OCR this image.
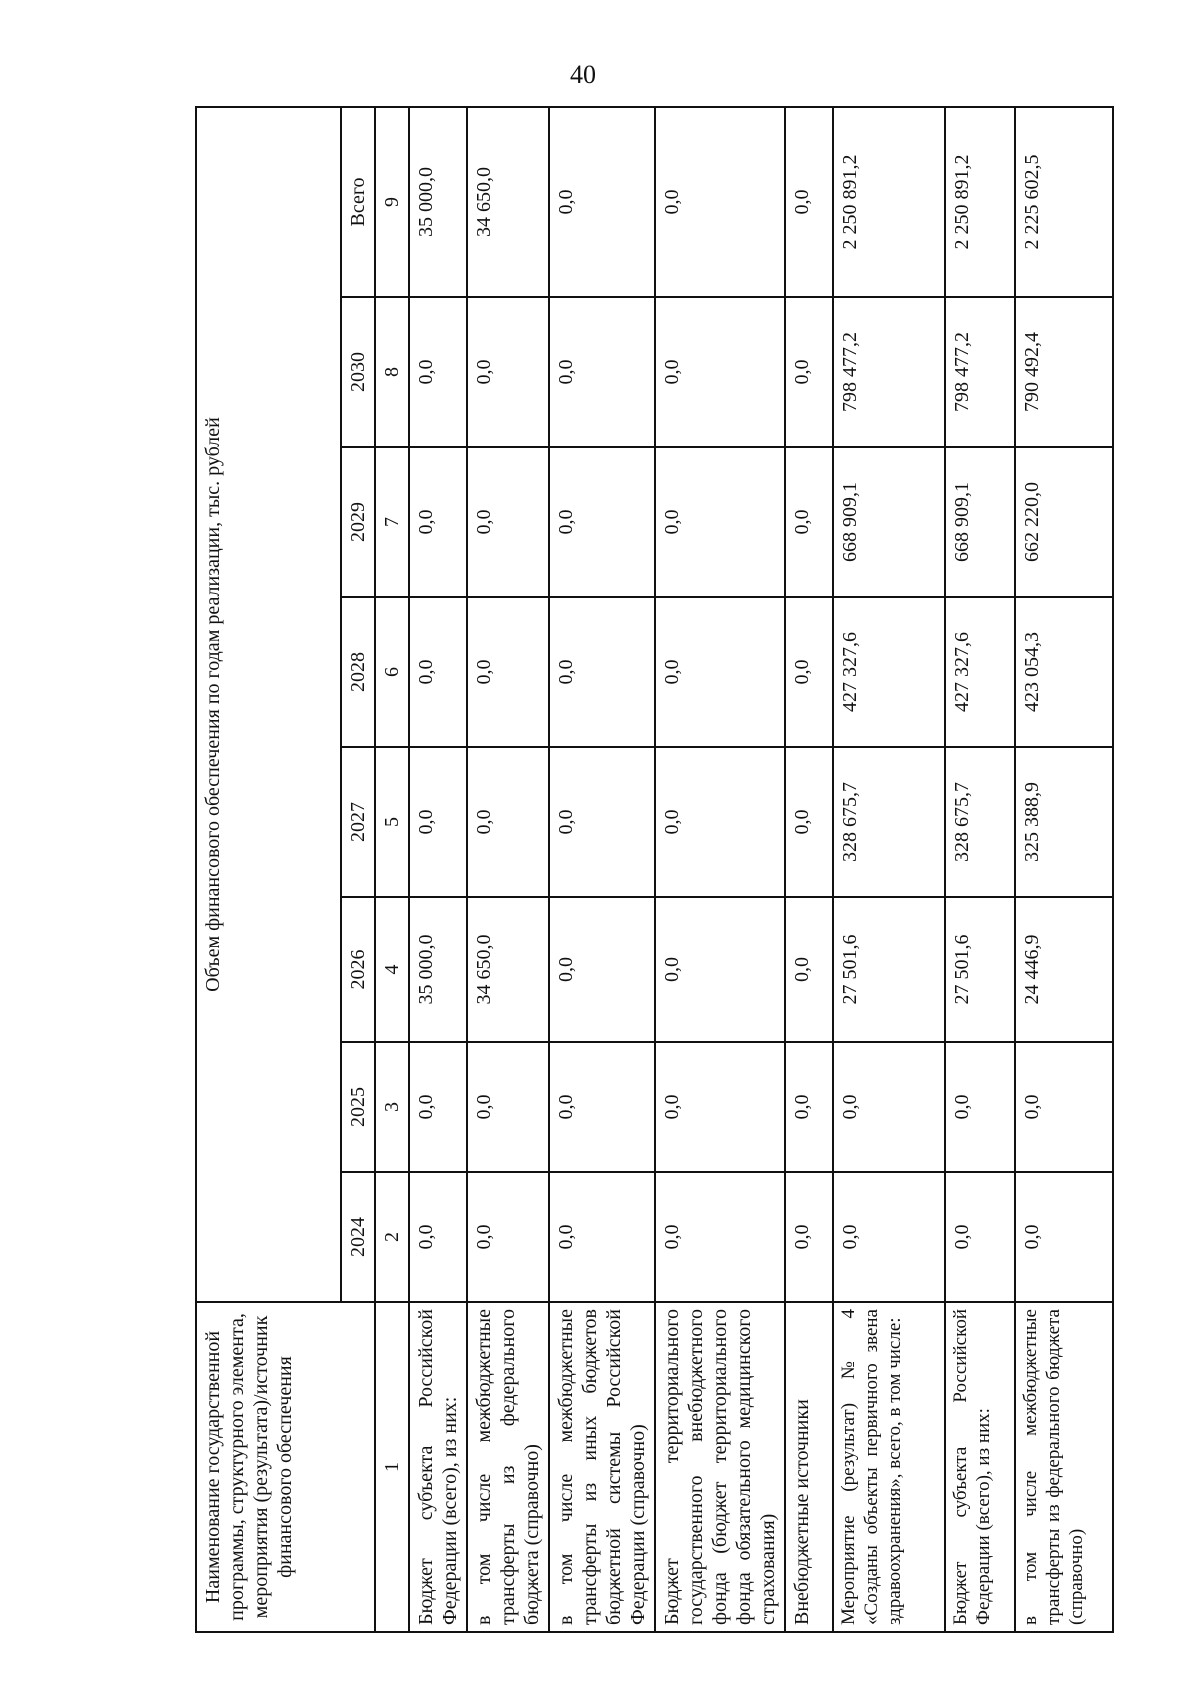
40
Наименование государственной программы, структурного элемента, мероприятия (результата)/источник финансового обеспечения	Объем финансового обеспечения по годам реализации, тыс. рублей							
	2024	2025	2026	2027	2028	2029	2030	Всего
1	2	3	4	5	6	7	8	9
Бюджет субъекта Российской Федерации (всего), из них:	0,0	0,0	35 000,0	0,0	0,0	0,0	0,0	35 000,0
в том числе межбюджетные трансферты из федерального бюджета (справочно)	0,0	0,0	34 650,0	0,0	0,0	0,0	0,0	34 650,0
в том числе межбюджетные трансферты из иных бюджетов бюджетной системы Российской Федерации (справочно)	0,0	0,0	0,0	0,0	0,0	0,0	0,0	0,0
Бюджет территориального государственного внебюджетного фонда (бюджет территориального фонда обязательного медицинского страхования)	0,0	0,0	0,0	0,0	0,0	0,0	0,0	0,0
Внебюджетные источники	0,0	0,0	0,0	0,0	0,0	0,0	0,0	0,0
Мероприятие (результат) № 4 «Созданы объекты первичного звена здравоохранения», всего, в том числе:	0,0	0,0	27 501,6	328 675,7	427 327,6	668 909,1	798 477,2	2 250 891,2
Бюджет субъекта Российской Федерации (всего), из них:	0,0	0,0	27 501,6	328 675,7	427 327,6	668 909,1	798 477,2	2 250 891,2
в том числе межбюджетные трансферты из федерального бюджета (справочно)	0,0	0,0	24 446,9	325 388,9	423 054,3	662 220,0	790 492,4	2 225 602,5
